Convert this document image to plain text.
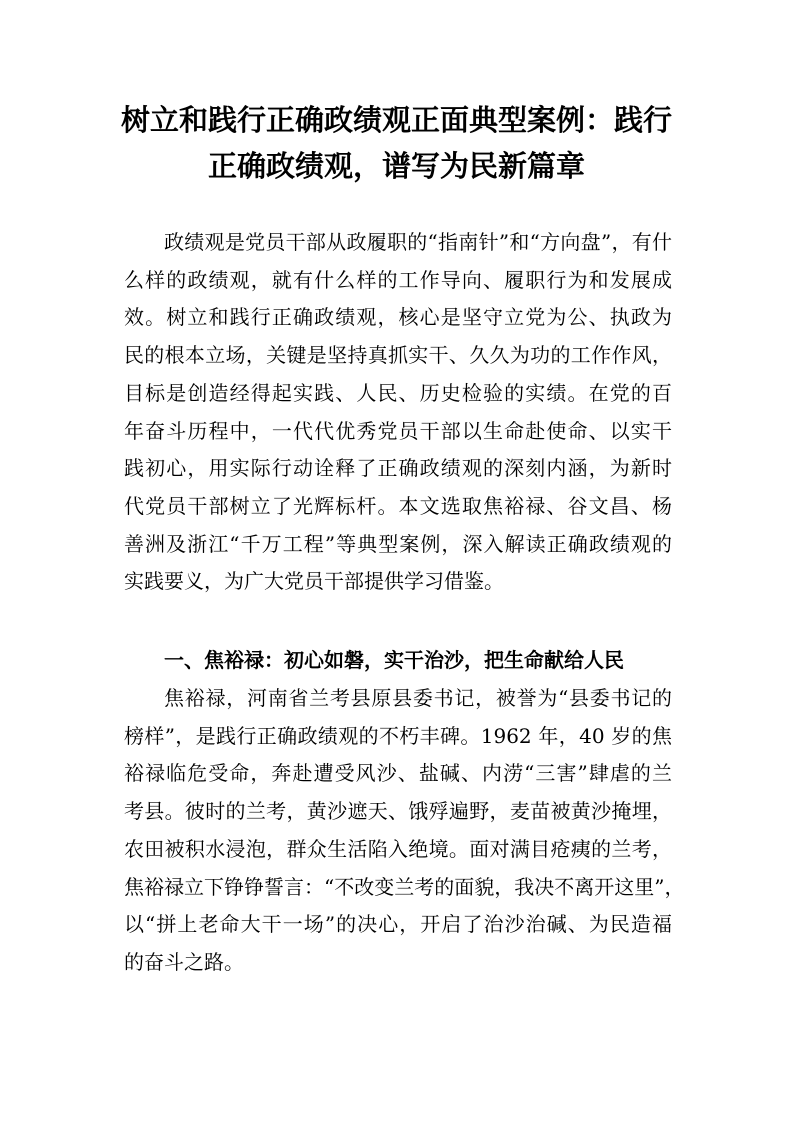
树立和践行正确政绩观正面典型案例：践行
正确政绩观，谱写为民新篇章
政绩观是党员干部从政履职的“指南针”和“方向盘”，有什
么样的政绩观，就有什么样的工作导向、履职行为和发展成
效。树立和践行正确政绩观，核心是坚守立党为公、执政为
民的根本立场，关键是坚持真抓实干、久久为功的工作作风，
目标是创造经得起实践、人民、历史检验的实绩。在党的百
年奋斗历程中，一代代优秀党员干部以生命赴使命、以实干
践初心，用实际行动诠释了正确政绩观的深刻内涵，为新时
代党员干部树立了光辉标杆。本文选取焦裕禄、谷文昌、杨
善洲及浙江“千万工程”等典型案例，深入解读正确政绩观的
实践要义，为广大党员干部提供学习借鉴。
一、焦裕禄：初心如磐，实干治沙，把生命献给人民
焦裕禄，河南省兰考县原县委书记，被誉为“县委书记的
榜样”，是践行正确政绩观的不朽丰碑。1962 年，40 岁的焦
裕禄临危受命，奔赴遭受风沙、盐碱、内涝“三害”肆虐的兰
考县。彼时的兰考，黄沙遮天、饿殍遍野，麦苗被黄沙掩埋，
农田被积水浸泡，群众生活陷入绝境。面对满目疮痍的兰考，
焦裕禄立下铮铮誓言：“不改变兰考的面貌，我决不离开这里”，
以“拼上老命大干一场”的决心，开启了治沙治碱、为民造福
的奋斗之路。
